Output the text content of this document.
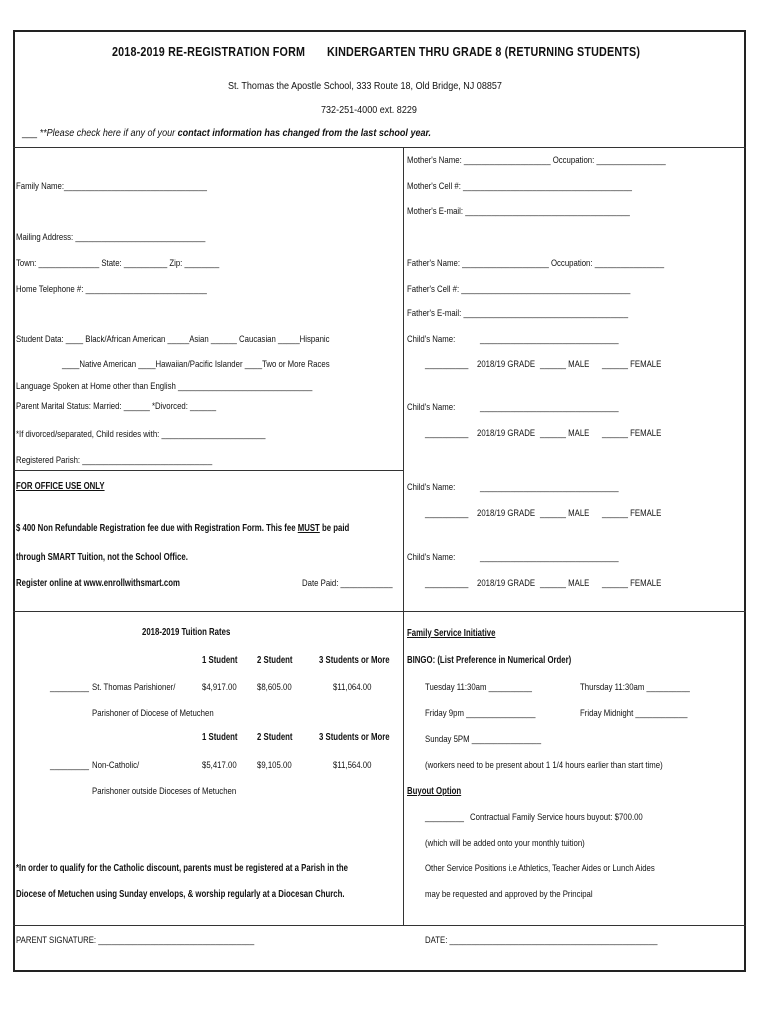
2018-2019 RE-REGISTRATION FORM KINDERGARTEN THRU GRADE 8 (RETURNING STUDENTS)
St. Thomas the Apostle School, 333 Route 18, Old Bridge, NJ 08857
732-251-4000 ext. 8229
___ **Please check here if any of your contact information has changed from the last school year.
Family Name:_________________________________
Mailing Address: ______________________________
Town: ______________ State: __________ Zip: ________
Home Telephone #: ____________________________
Student Data: ____ Black/African American _____Asian ______ Caucasian _____Hispanic
____Native American ____Hawaiian/Pacific Islander ____Two or More Races
Language Spoken at Home other than English _______________________________
Parent Marital Status: Married: ______ *Divorced: ______
*If divorced/separated, Child resides with: ________________________
Registered Parish: ______________________________
Mother's Name: ____________________ Occupation: ________________
Mother's Cell #: _______________________________________
Mother's E-mail: ______________________________________
Father's Name: ____________________ Occupation: ________________
Father's Cell #: _______________________________________
Father's E-mail: ______________________________________
Child's Name:	________________________________
__________ 2018/19 GRADE ______ MALE ______ FEMALE
Child's Name:	________________________________
__________ 2018/19 GRADE ______ MALE ______ FEMALE
Child's Name:	________________________________
__________ 2018/19 GRADE ______ MALE ______ FEMALE
Child's Name:	________________________________
__________ 2018/19 GRADE ______ MALE ______ FEMALE
FOR OFFICE USE ONLY
$ 400 Non Refundable Registration fee due with Registration Form. This fee MUST be paid
through SMART Tuition, not the School Office.
Register online at www.enrollwithsmart.com	Date Paid: ____________
2018-2019 Tuition Rates
1 Student 2 Student	3 Students or More
_________ St. Thomas Parishioner/	$4,917.00 $8,605.00	$11,064.00
Parishoner of Diocese of Metuchen
1 Student 2 Student	3 Students or More
_________ Non-Catholic/	$5,417.00 $9,105.00	$11,564.00
Parishoner outside Dioceses of Metuchen
*In order to qualify for the Catholic discount, parents must be registered at a Parish in the
Diocese of Metuchen using Sunday envelops, & worship regularly at a Diocesan Church.
Family Service Initiative
BINGO: (List Preference in Numerical Order)
Tuesday 11:30am __________	Thursday 11:30am __________
Friday 9pm ________________	Friday Midnight ____________
Sunday 5PM ________________
(workers need to be present about 1 1/4 hours earlier than start time)
Buyout Option
_________ Contractual Family Service hours buyout: $700.00
(which will be added onto your monthly tuition)
Other Service Positions i.e Athletics, Teacher Aides or Lunch Aides
may be requested and approved by the Principal
PARENT SIGNATURE: ____________________________________	DATE: ________________________________________________
